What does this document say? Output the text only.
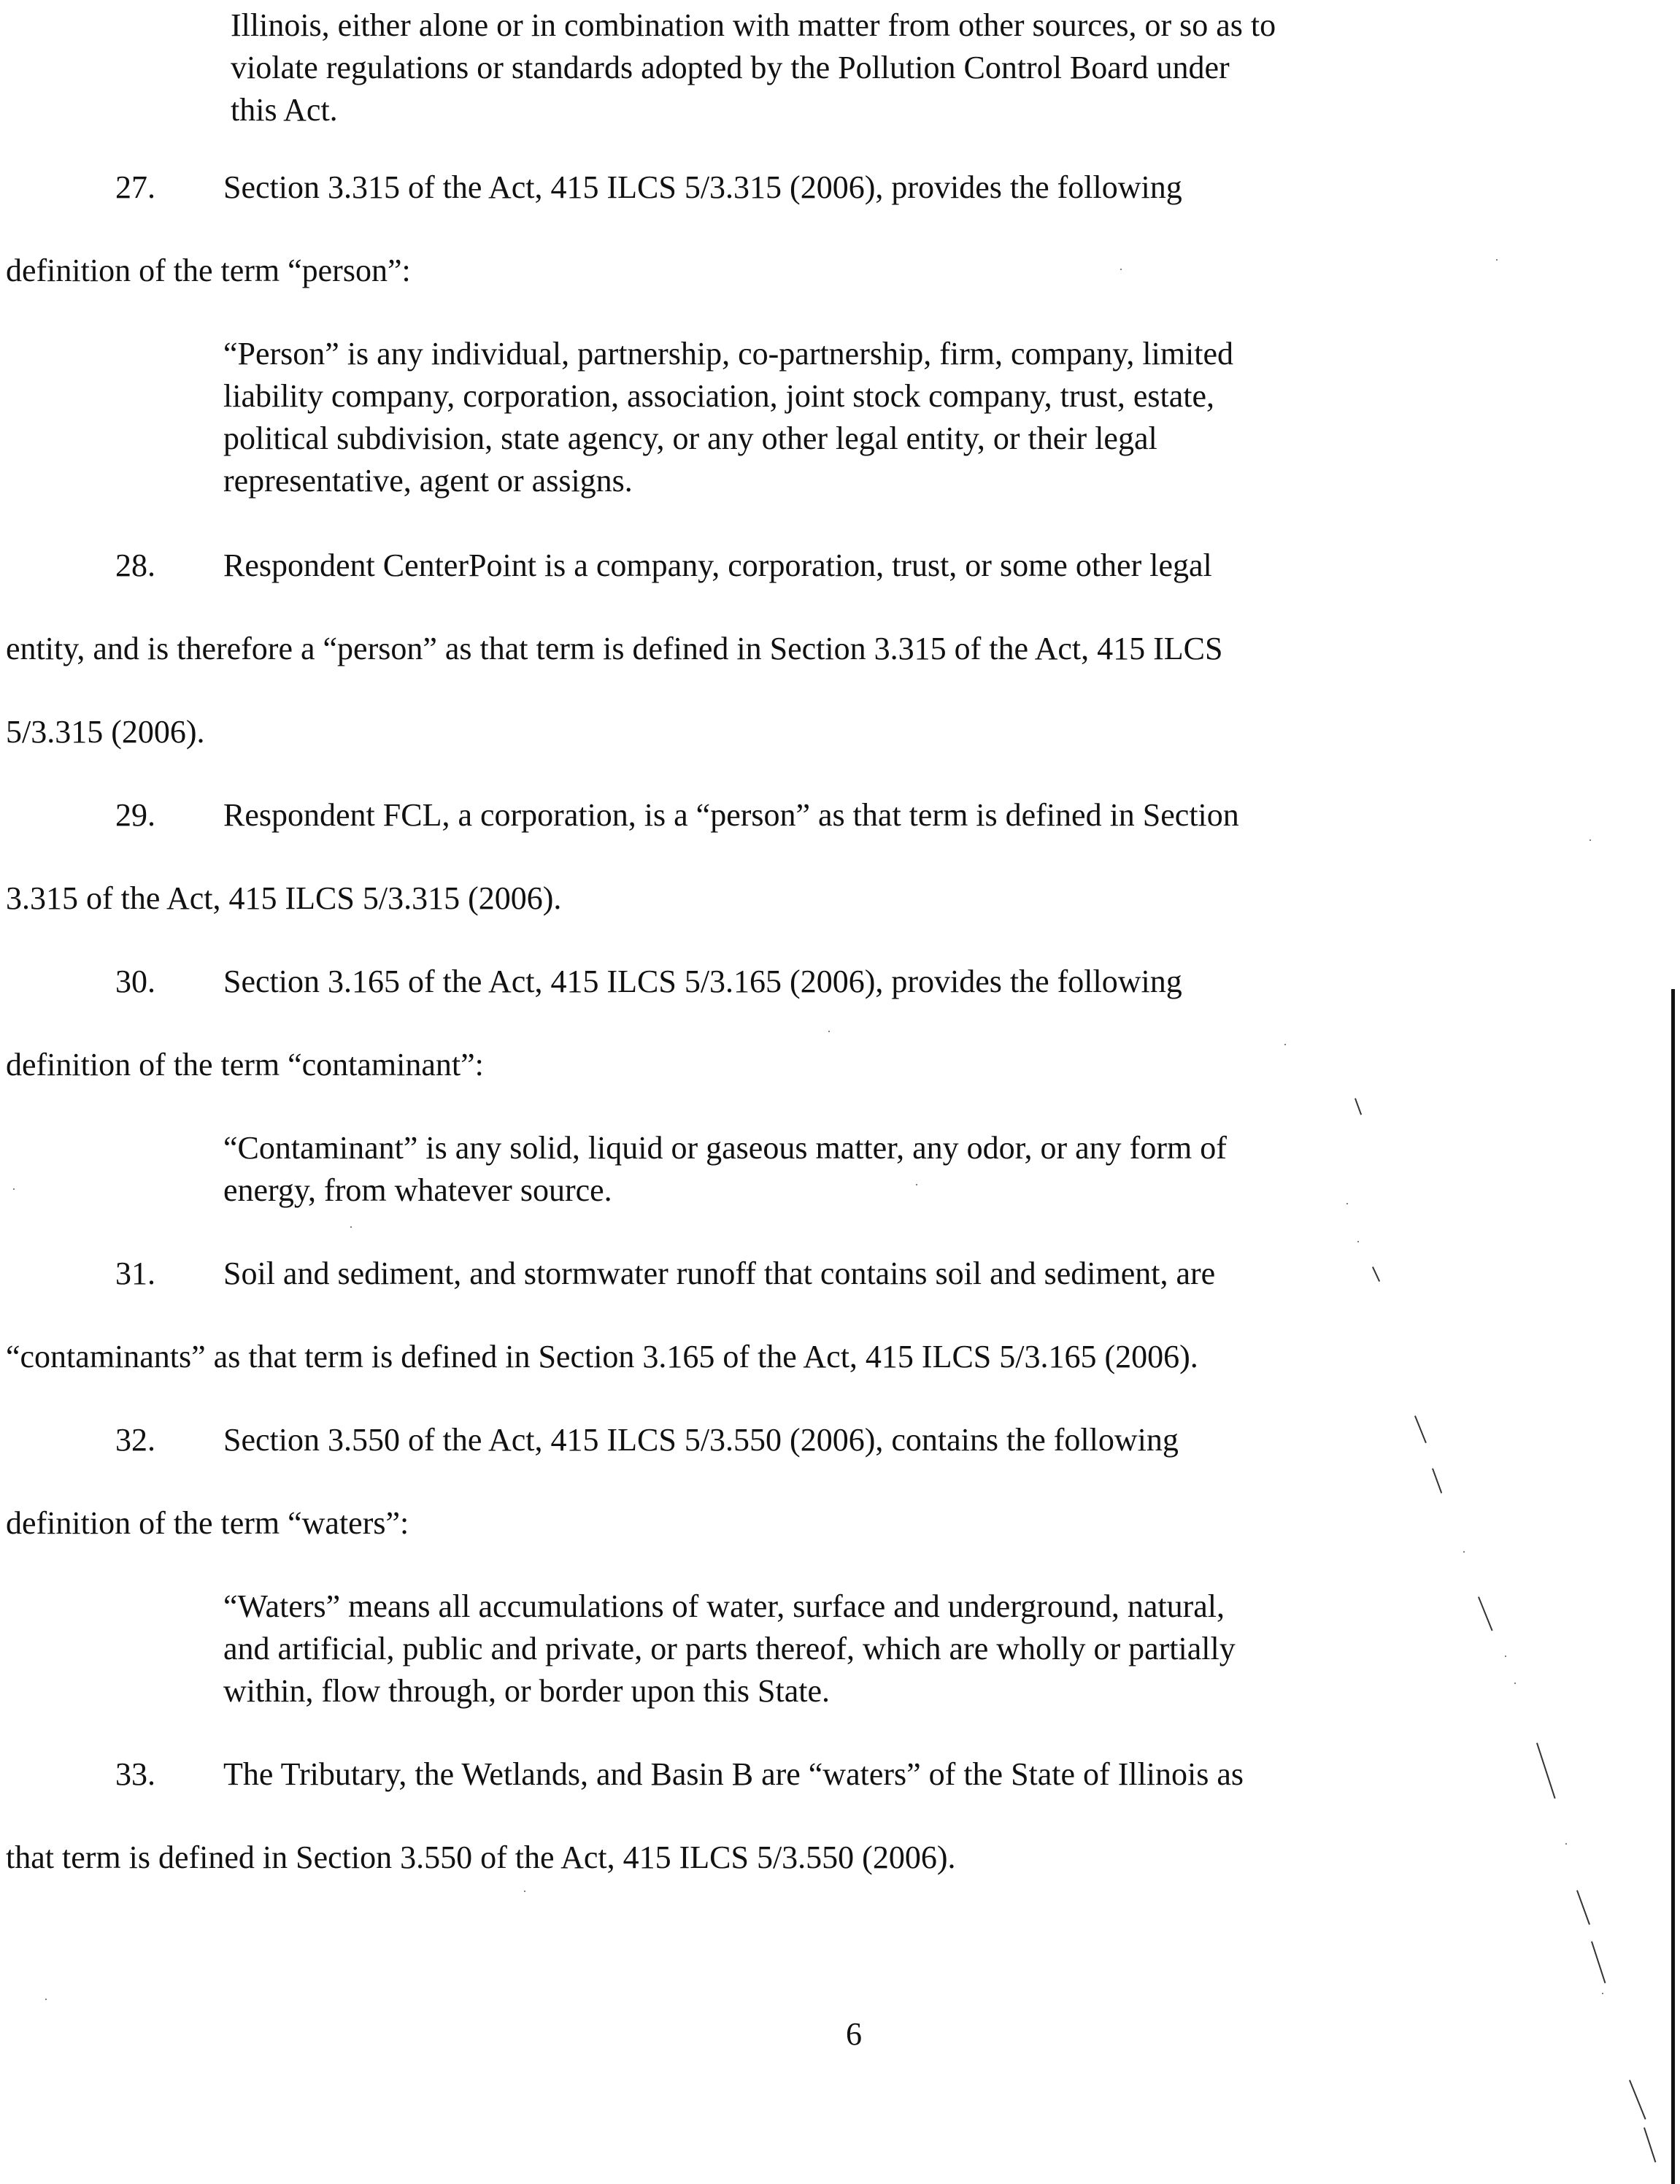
Illinois, either alone or in combination with matter from other sources, or so as to
violate regulations or standards adopted by the Pollution Control Board under
this Act.
27. Section 3.315 of the Act, 415 ILCS 5/3.315 (2006), provides the following
definition of the term “person”:
“Person” is any individual, partnership, co-partnership, firm, company, limited
liability company, corporation, association, joint stock company, trust, estate,
political subdivision, state agency, or any other legal entity, or their legal
representative, agent or assigns.
28. Respondent CenterPoint is a company, corporation, trust, or some other legal
entity, and is therefore a “person” as that term is defined in Section 3.315 of the Act, 415 ILCS
5/3.315 (2006).
29. Respondent FCL, a corporation, is a “person” as that term is defined in Section
3.315 of the Act, 415 ILCS 5/3.315 (2006).
30. Section 3.165 of the Act, 415 ILCS 5/3.165 (2006), provides the following
definition of the term “contaminant”:
“Contaminant” is any solid, liquid or gaseous matter, any odor, or any form of
energy, from whatever source.
31. Soil and sediment, and stormwater runoff that contains soil and sediment, are
“contaminants” as that term is defined in Section 3.165 of the Act, 415 ILCS 5/3.165 (2006).
32. Section 3.550 of the Act, 415 ILCS 5/3.550 (2006), contains the following
definition of the term “waters”:
“Waters” means all accumulations of water, surface and underground, natural,
and artificial, public and private, or parts thereof, which are wholly or partially
within, flow through, or border upon this State.
33. The Tributary, the Wetlands, and Basin B are “waters” of the State of Illinois as
that term is defined in Section 3.550 of the Act, 415 ILCS 5/3.550 (2006).
6
